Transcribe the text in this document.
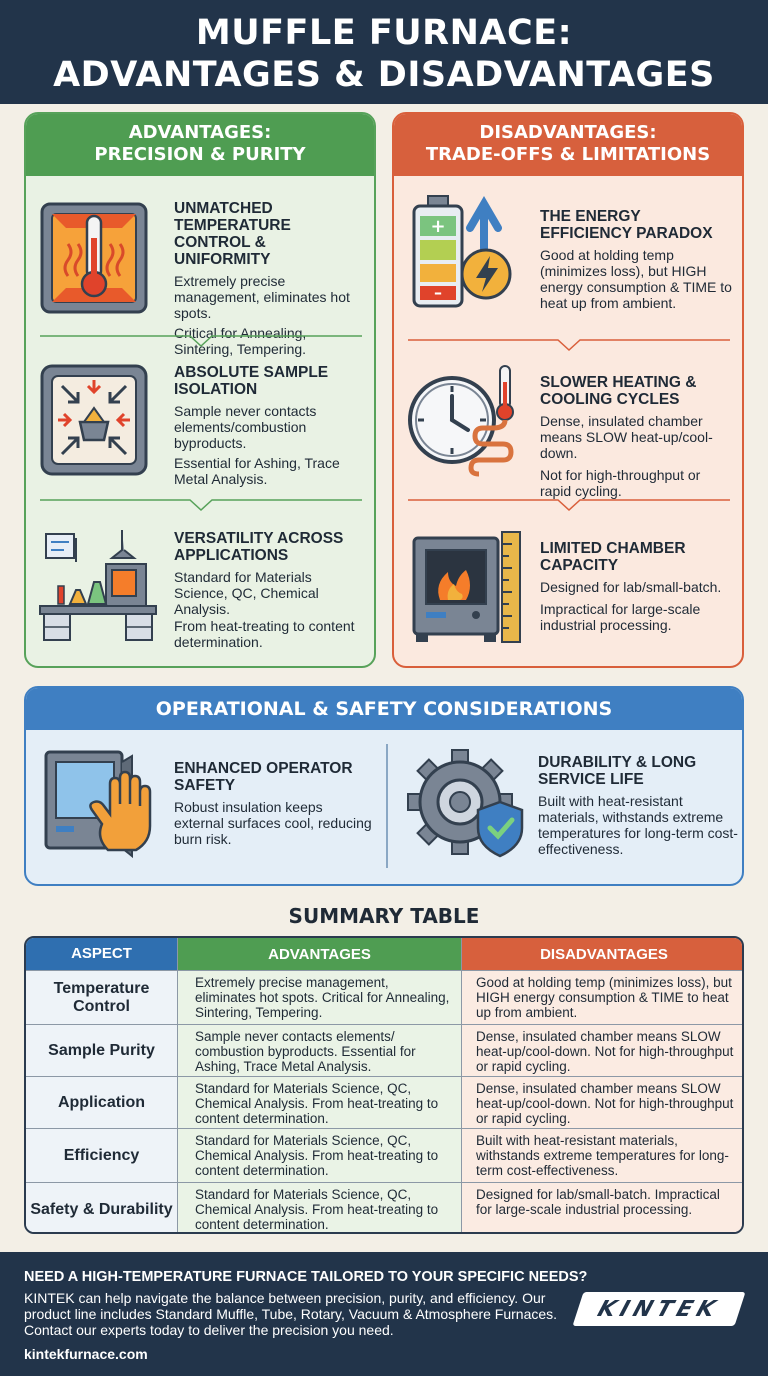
MUFFLE FURNACE:
ADVANTAGES & DISADVANTAGES
ADVANTAGES:
PRECISION & PURITY
UNMATCHED TEMPERATURE CONTROL & UNIFORMITY

Extremely precise management, eliminates hot spots.

Critical for Annealing, Sintering, Tempering.

ABSOLUTE SAMPLE ISOLATION

Sample never contacts elements/combustion byproducts.

Essential for Ashing, Trace Metal Analysis.

VERSATILITY ACROSS APPLICATIONS

Standard for Materials Science, QC, Chemical Analysis.

From heat-treating to content determination.

DISADVANTAGES:
TRADE-OFFS & LIMITATIONS
+
–
THE ENERGY EFFICIENCY PARADOX

Good at holding temp (minimizes loss), but HIGH energy consumption & TIME to heat up from ambient.

SLOWER HEATING & COOLING CYCLES

Dense, insulated chamber means SLOW heat-up/cool-down.

Not for high-throughput or rapid cycling.

LIMITED CHAMBER CAPACITY

Designed for lab/small-batch.

Impractical for large-scale industrial processing.

OPERATIONAL & SAFETY CONSIDERATIONS
ENHANCED OPERATOR SAFETY

Robust insulation keeps external surfaces cool, reducing burn risk.

DURABILITY & LONG SERVICE LIFE

Built with heat-resistant materials, withstands extreme temperatures for long-term cost-effectiveness.

SUMMARY TABLE
ASPECT	ADVANTAGES	DISADVANTAGES
Temperature Control
Extremely precise management, eliminates hot spots. Critical for Annealing, Sintering, Tempering.
Good at holding temp (minimizes loss), but HIGH energy consumption & TIME to heat up from ambient.
Sample Purity
Sample never contacts elements/ combustion byproducts. Essential for Ashing, Trace Metal Analysis.
Dense, insulated chamber means SLOW heat-up/cool-down. Not for high-throughput or rapid cycling.
Application
Standard for Materials Science, QC, Chemical Analysis. From heat-treating to content determination.
Dense, insulated chamber means SLOW heat-up/cool-down. Not for high-throughput or rapid cycling.
Efficiency
Standard for Materials Science, QC, Chemical Analysis. From heat-treating to content determination.
Built with heat-resistant materials, withstands extreme temperatures for long-term cost-effectiveness.
Safety & Durability
Standard for Materials Science, QC, Chemical Analysis. From heat-treating to content determination.
Designed for lab/small-batch. Impractical for large-scale industrial processing.
NEED A HIGH-TEMPERATURE FURNACE TAILORED TO YOUR SPECIFIC NEEDS?
KINTEK can help navigate the balance between precision, purity, and efficiency. Our product line includes Standard Muffle, Tube, Rotary, Vacuum & Atmosphere Furnaces. Contact our experts today to deliver the precision you need.
kintekfurnace.com
KINTEK
